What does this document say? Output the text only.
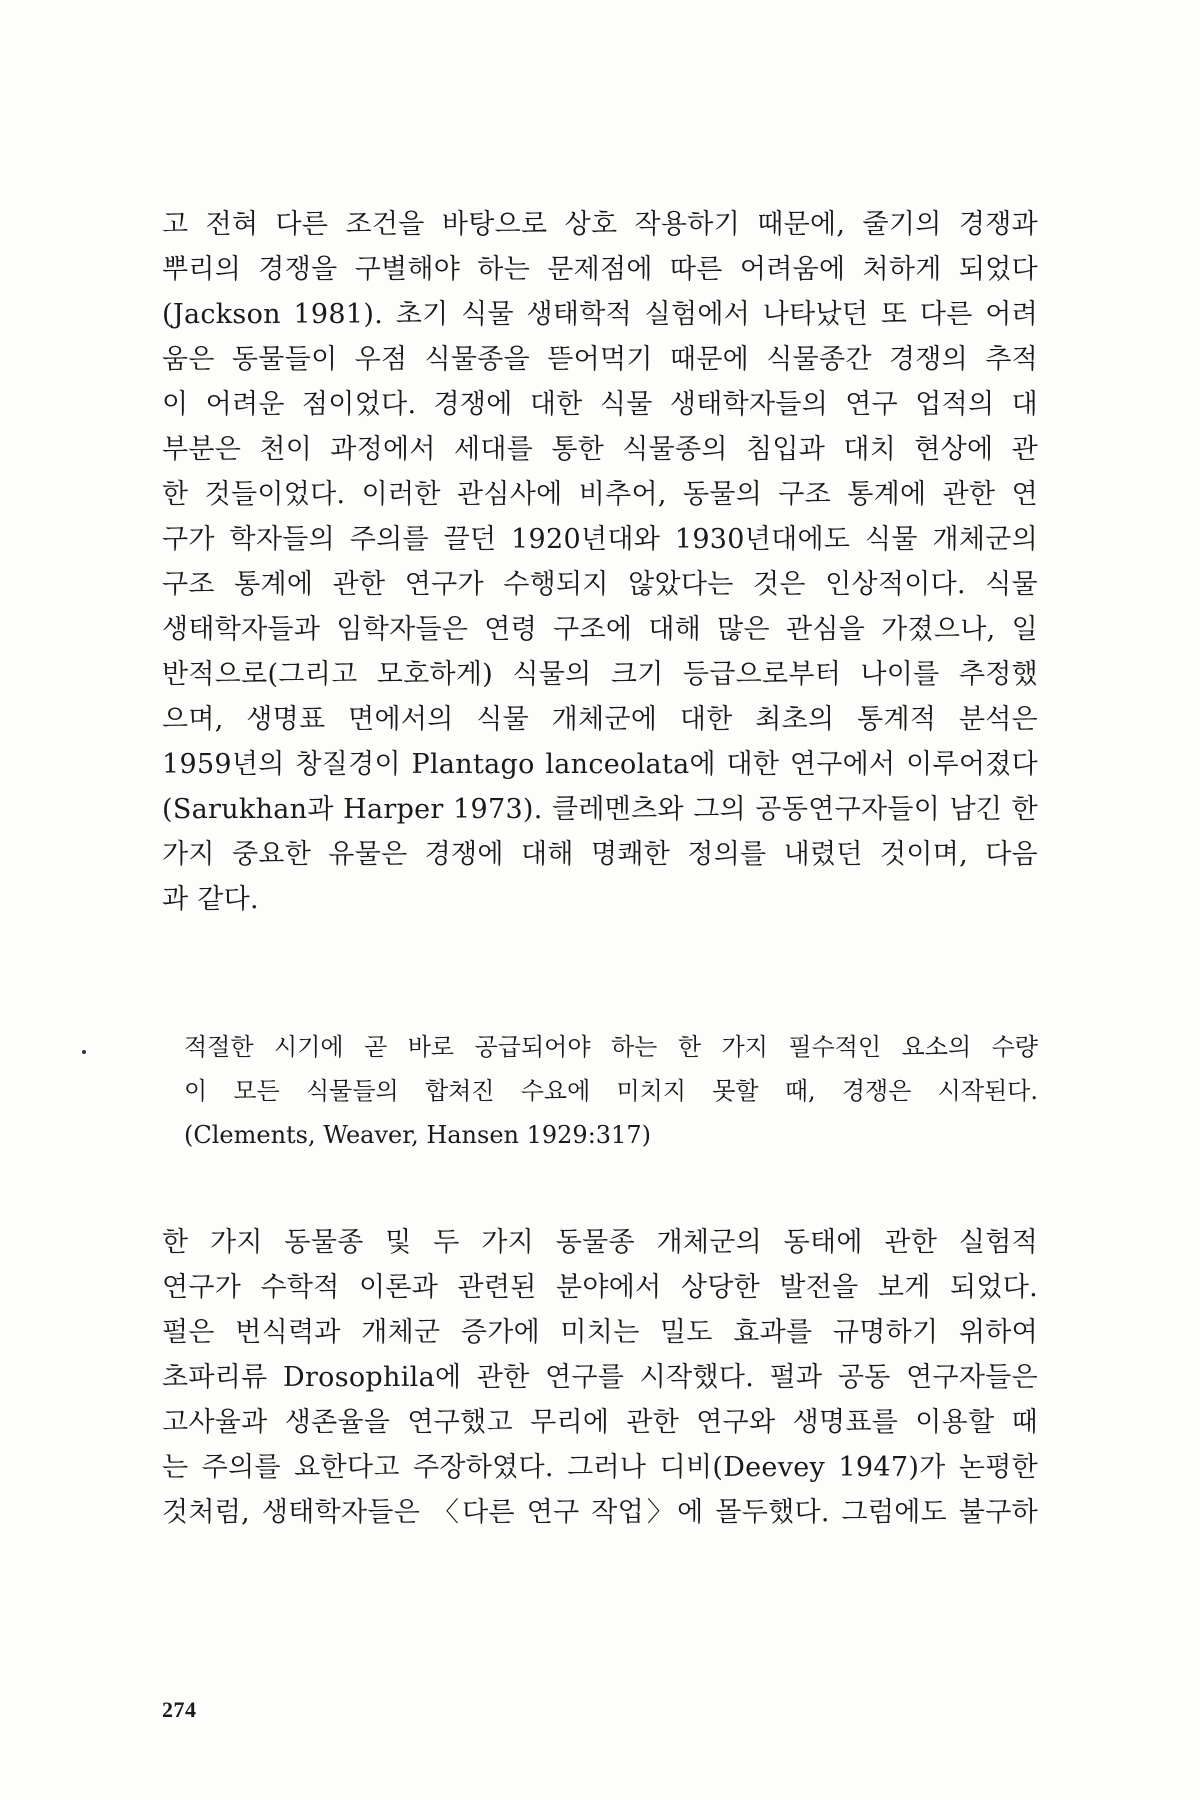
고 전혀 다른 조건을 바탕으로 상호 작용하기 때문에, 줄기의 경쟁과
뿌리의 경쟁을 구별해야 하는 문제점에 따른 어려움에 처하게 되었다
(Jackson 1981). 초기 식물 생태학적 실험에서 나타났던 또 다른 어려
움은 동물들이 우점 식물종을 뜯어먹기 때문에 식물종간 경쟁의 추적
이 어려운 점이었다. 경쟁에 대한 식물 생태학자들의 연구 업적의 대
부분은 천이 과정에서 세대를 통한 식물종의 침입과 대치 현상에 관
한 것들이었다. 이러한 관심사에 비추어, 동물의 구조 통계에 관한 연
구가 학자들의 주의를 끌던 1920년대와 1930년대에도 식물 개체군의
구조 통계에 관한 연구가 수행되지 않았다는 것은 인상적이다. 식물
생태학자들과 임학자들은 연령 구조에 대해 많은 관심을 가졌으나, 일
반적으로(그리고 모호하게) 식물의 크기 등급으로부터 나이를 추정했
으며, 생명표 면에서의 식물 개체군에 대한 최초의 통계적 분석은
1959년의 창질경이 Plantago lanceolata에 대한 연구에서 이루어졌다
(Sarukhan과 Harper 1973). 클레멘츠와 그의 공동연구자들이 남긴 한
가지 중요한 유물은 경쟁에 대해 명쾌한 정의를 내렸던 것이며, 다음
과 같다.

적절한 시기에 곧 바로 공급되어야 하는 한 가지 필수적인 요소의 수량
이 모든 식물들의 합쳐진 수요에 미치지 못할 때, 경쟁은 시작된다.
(Clements, Weaver, Hansen 1929:317)

한 가지 동물종 및 두 가지 동물종 개체군의 동태에 관한 실험적
연구가 수학적 이론과 관련된 분야에서 상당한 발전을 보게 되었다.
펄은 번식력과 개체군 증가에 미치는 밀도 효과를 규명하기 위하여
초파리류 Drosophila에 관한 연구를 시작했다. 펄과 공동 연구자들은
고사율과 생존율을 연구했고 무리에 관한 연구와 생명표를 이용할 때
는 주의를 요한다고 주장하였다. 그러나 디비(Deevey 1947)가 논평한
것처럼, 생태학자들은 〈다른 연구 작업〉에 몰두했다. 그럼에도 불구하

274
